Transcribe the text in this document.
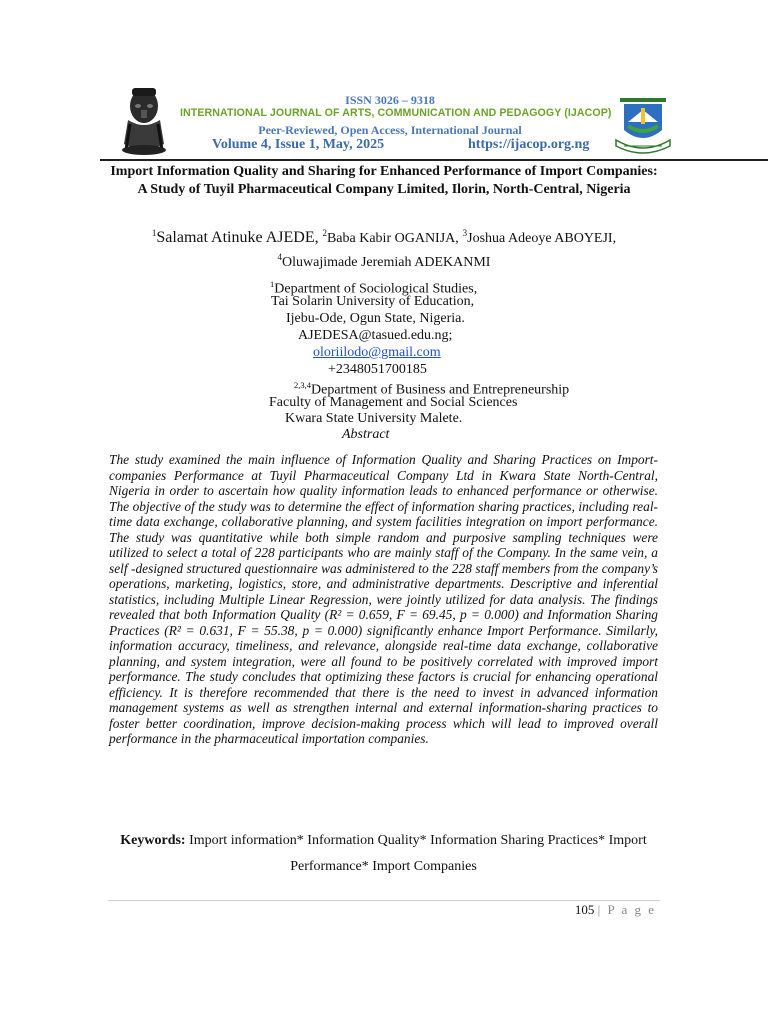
ISSN 3026 – 9318
INTERNATIONAL JOURNAL OF ARTS, COMMUNICATION AND PEDAGOGY (IJACOP)
Peer-Reviewed, Open Access, International Journal
Volume 4, Issue 1, May, 2025	https://ijacop.org.ng
Import Information Quality and Sharing for Enhanced Performance of Import Companies: A Study of Tuyil Pharmaceutical Company Limited, Ilorin, North-Central, Nigeria
$^1$Salamat Atinuke AJEDE, $^2$Baba Kabir OGANIJA, $^3$Joshua Adeoye ABOYEJI,
$^4$Oluwajimade Jeremiah ADEKANMI
$^1$Department of Sociological Studies,
Tai Solarin University of Education,
Ijebu-Ode, Ogun State, Nigeria.
AJEDESA@tasued.edu.ng;
oloriilodo@gmail.com
+2348051700185
$^{2,3,4}$Department of Business and Entrepreneurship
Faculty of Management and Social Sciences
Kwara State University Malete.
Abstract
The study examined the main influence of Information Quality and Sharing Practices on Import-companies Performance at Tuyil Pharmaceutical Company Ltd in Kwara State North-Central, Nigeria in order to ascertain how quality information leads to enhanced performance or otherwise. The objective of the study was to determine the effect of information sharing practices, including real-time data exchange, collaborative planning, and system facilities integration on import performance. The study was quantitative while both simple random and purposive sampling techniques were utilized to select a total of 228 participants who are mainly staff of the Company. In the same vein, a self -designed structured questionnaire was administered to the 228 staff members from the company’s operations, marketing, logistics, store, and administrative departments. Descriptive and inferential statistics, including Multiple Linear Regression, were jointly utilized for data analysis. The findings revealed that both Information Quality (R² = 0.659, F = 69.45, p = 0.000) and Information Sharing Practices (R² = 0.631, F = 55.38, p = 0.000) significantly enhance Import Performance. Similarly, information accuracy, timeliness, and relevance, alongside real-time data exchange, collaborative planning, and system integration, were all found to be positively correlated with improved import performance. The study concludes that optimizing these factors is crucial for enhancing operational efficiency. It is therefore recommended that there is the need to invest in advanced information management systems as well as strengthen internal and external information-sharing practices to foster better coordination, improve decision-making process which will lead to improved overall performance in the pharmaceutical importation companies.
Keywords: Import information* Information Quality* Information Sharing Practices* Import Performance* Import Companies
105 | P a g e
